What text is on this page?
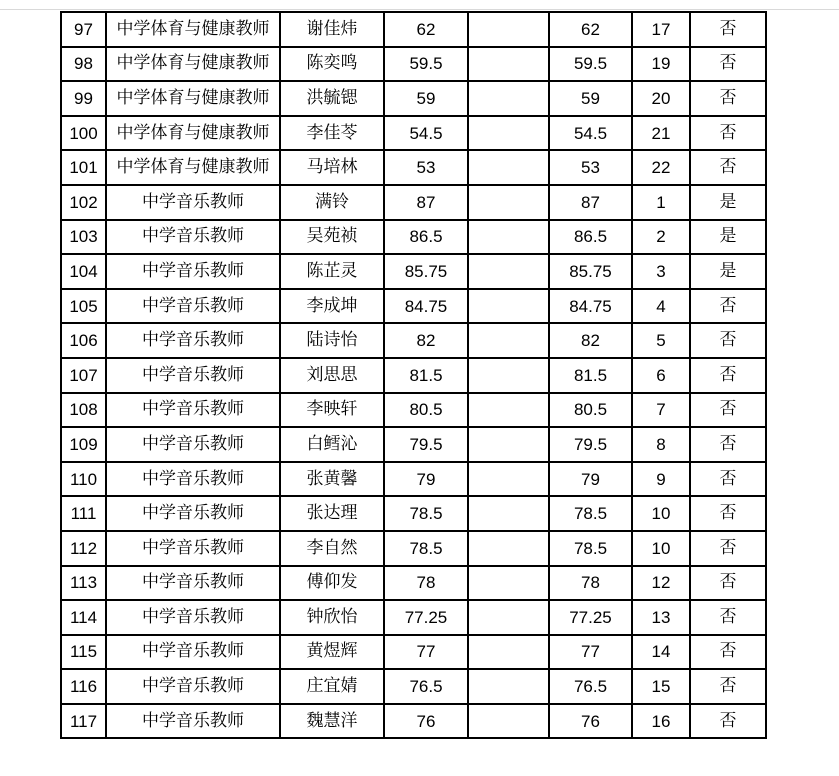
97	中学体育与健康教师	谢佳炜	62		62	17	否
98	中学体育与健康教师	陈奕鸣	59.5		59.5	19	否
99	中学体育与健康教师	洪毓锶	59		59	20	否
100	中学体育与健康教师	李佳苓	54.5		54.5	21	否
101	中学体育与健康教师	马培林	53		53	22	否
102	中学音乐教师	满铃	87		87	1	是
103	中学音乐教师	吴苑祯	86.5		86.5	2	是
104	中学音乐教师	陈芷灵	85.75		85.75	3	是
105	中学音乐教师	李成坤	84.75		84.75	4	否
106	中学音乐教师	陆诗怡	82		82	5	否
107	中学音乐教师	刘思思	81.5		81.5	6	否
108	中学音乐教师	李映轩	80.5		80.5	7	否
109	中学音乐教师	白鳕沁	79.5		79.5	8	否
110	中学音乐教师	张黄馨	79		79	9	否
111	中学音乐教师	张达理	78.5		78.5	10	否
112	中学音乐教师	李自然	78.5		78.5	10	否
113	中学音乐教师	傅仰发	78		78	12	否
114	中学音乐教师	钟欣怡	77.25		77.25	13	否
115	中学音乐教师	黄煜辉	77		77	14	否
116	中学音乐教师	庄宜婧	76.5		76.5	15	否
117	中学音乐教师	魏慧洋	76		76	16	否
